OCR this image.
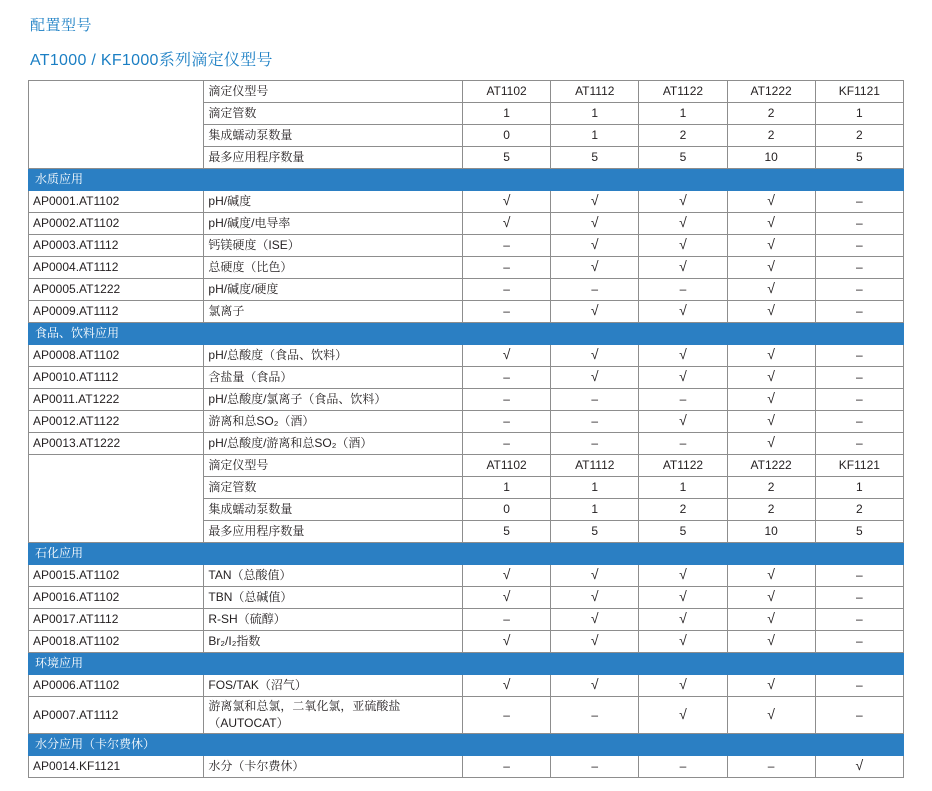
配置型号
AT1000 / KF1000系列滴定仪型号
	滴定仪型号	AT1102	AT1112	AT1122	AT1222	KF1121
	滴定管数	1	1	1	2	1
	集成蠕动泵数量	0	1	2	2	2
	最多应用程序数量	5	5	5	10	5
水质应用						
AP0001.AT1102	pH/碱度	√	√	√	√	–
AP0002.AT1102	pH/碱度/电导率	√	√	√	√	–
AP0003.AT1112	钙镁硬度（ISE）	–	√	√	√	–
AP0004.AT1112	总硬度（比色）	–	√	√	√	–
AP0005.AT1222	pH/碱度/硬度	–	–	–	√	–
AP0009.AT1112	氯离子	–	√	√	√	–
食品、饮料应用						
AP0008.AT1102	pH/总酸度（食品、饮料）	√	√	√	√	–
AP0010.AT1112	含盐量（食品）	–	√	√	√	–
AP0011.AT1222	pH/总酸度/氯离子（食品、饮料）	–	–	–	√	–
AP0012.AT1122	游离和总SO₂（酒）	–	–	√	√	–
AP0013.AT1222	pH/总酸度/游离和总SO₂（酒）	–	–	–	√	–
	滴定仪型号	AT1102	AT1112	AT1122	AT1222	KF1121
	滴定管数	1	1	1	2	1
	集成蠕动泵数量	0	1	2	2	2
	最多应用程序数量	5	5	5	10	5
石化应用						
AP0015.AT1102	TAN（总酸值）	√	√	√	√	–
AP0016.AT1102	TBN（总碱值）	√	√	√	√	–
AP0017.AT1112	R-SH（硫醇）	–	√	√	√	–
AP0018.AT1102	Br₂/I₂指数	√	√	√	√	–
环境应用						
AP0006.AT1102	FOS/TAK（沼气）	√	√	√	√	–
AP0007.AT1112	游离氯和总氯，二氧化氯，亚硫酸盐（AUTOCAT）	–	–	√	√	–
水分应用（卡尔费休）						
AP0014.KF1121	水分（卡尔费休）	–	–	–	–	√
